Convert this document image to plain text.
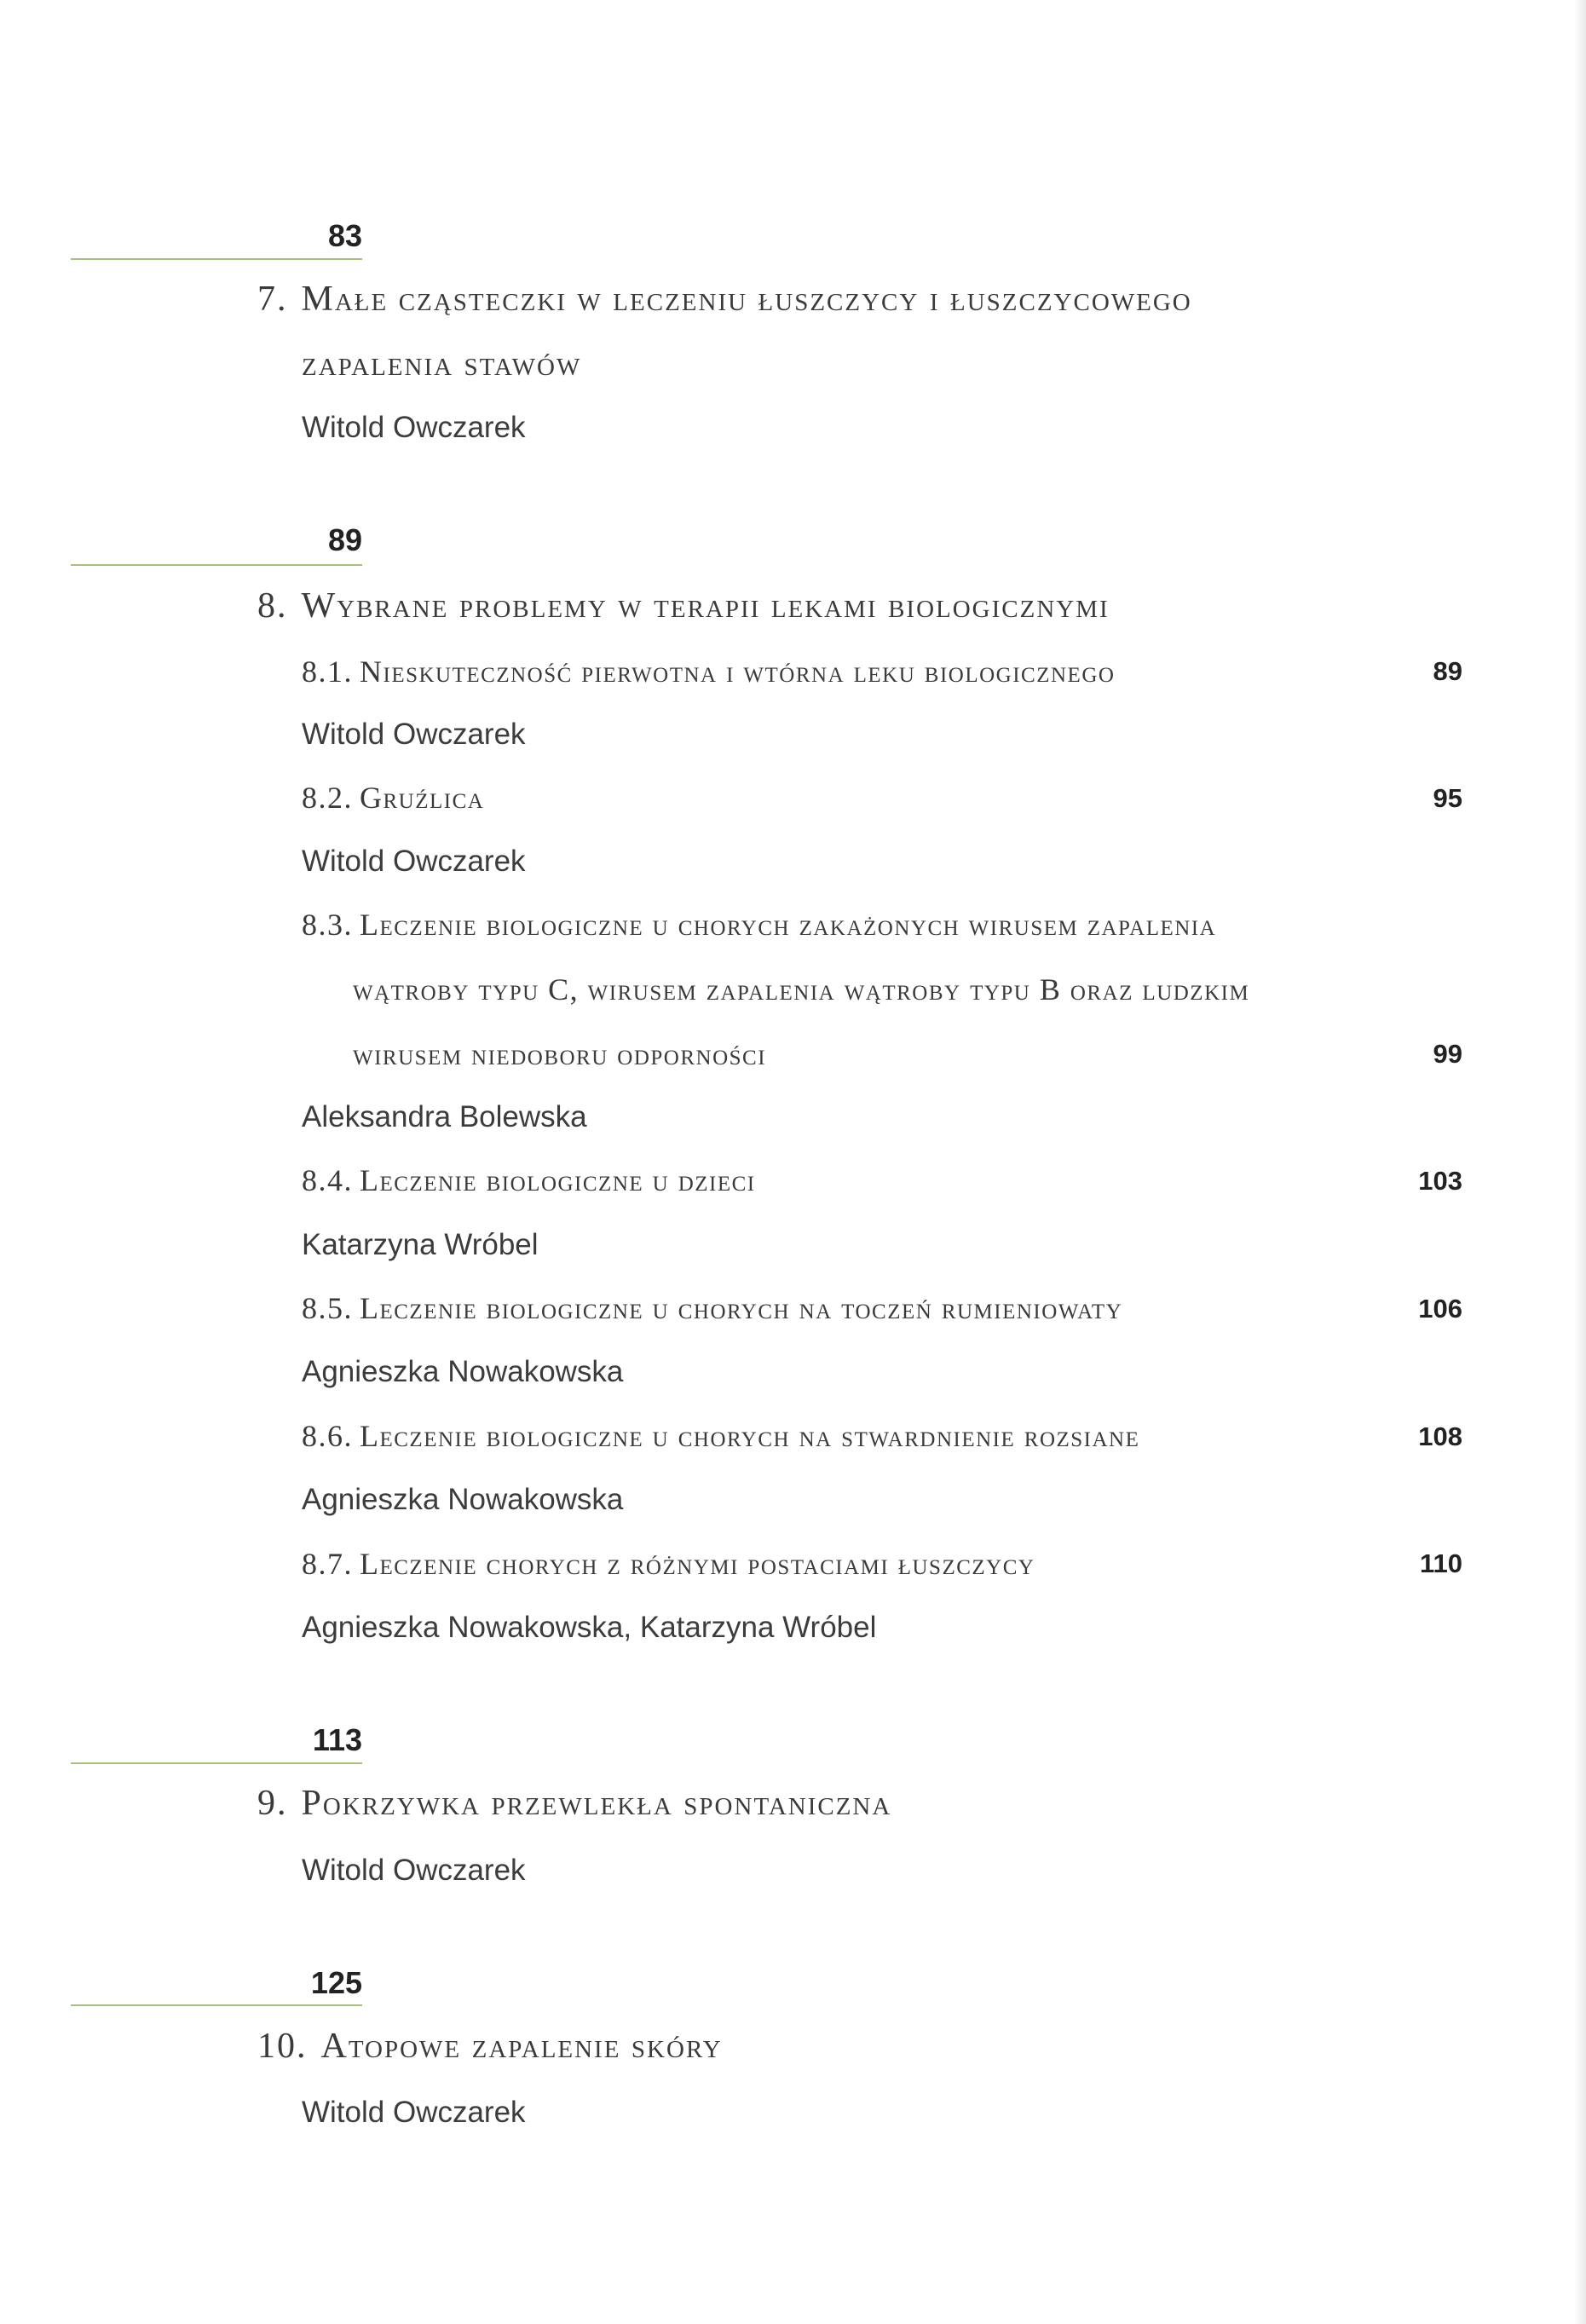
83
7. Małe cząsteczki w leczeniu łuszczycy i łuszczycowego
zapalenia stawów
Witold Owczarek
89
8. Wybrane problemy w terapii lekami biologicznymi
8.1. Nieskuteczność pierwotna i wtórna leku biologicznego	89
Witold Owczarek
8.2. Gruźlica	95
Witold Owczarek
8.3. Leczenie biologiczne u chorych zakażonych wirusem zapalenia
wątroby typu C, wirusem zapalenia wątroby typu B oraz ludzkim
wirusem niedoboru odporności	99
Aleksandra Bolewska
8.4. Leczenie biologiczne u dzieci	103
Katarzyna Wróbel
8.5. Leczenie biologiczne u chorych na toczeń rumieniowaty	106
Agnieszka Nowakowska
8.6. Leczenie biologiczne u chorych na stwardnienie rozsiane	108
Agnieszka Nowakowska
8.7. Leczenie chorych z różnymi postaciami łuszczycy	110
Agnieszka Nowakowska, Katarzyna Wróbel
113
9. Pokrzywka przewlekła spontaniczna
Witold Owczarek
125
10. Atopowe zapalenie skóry
Witold Owczarek
